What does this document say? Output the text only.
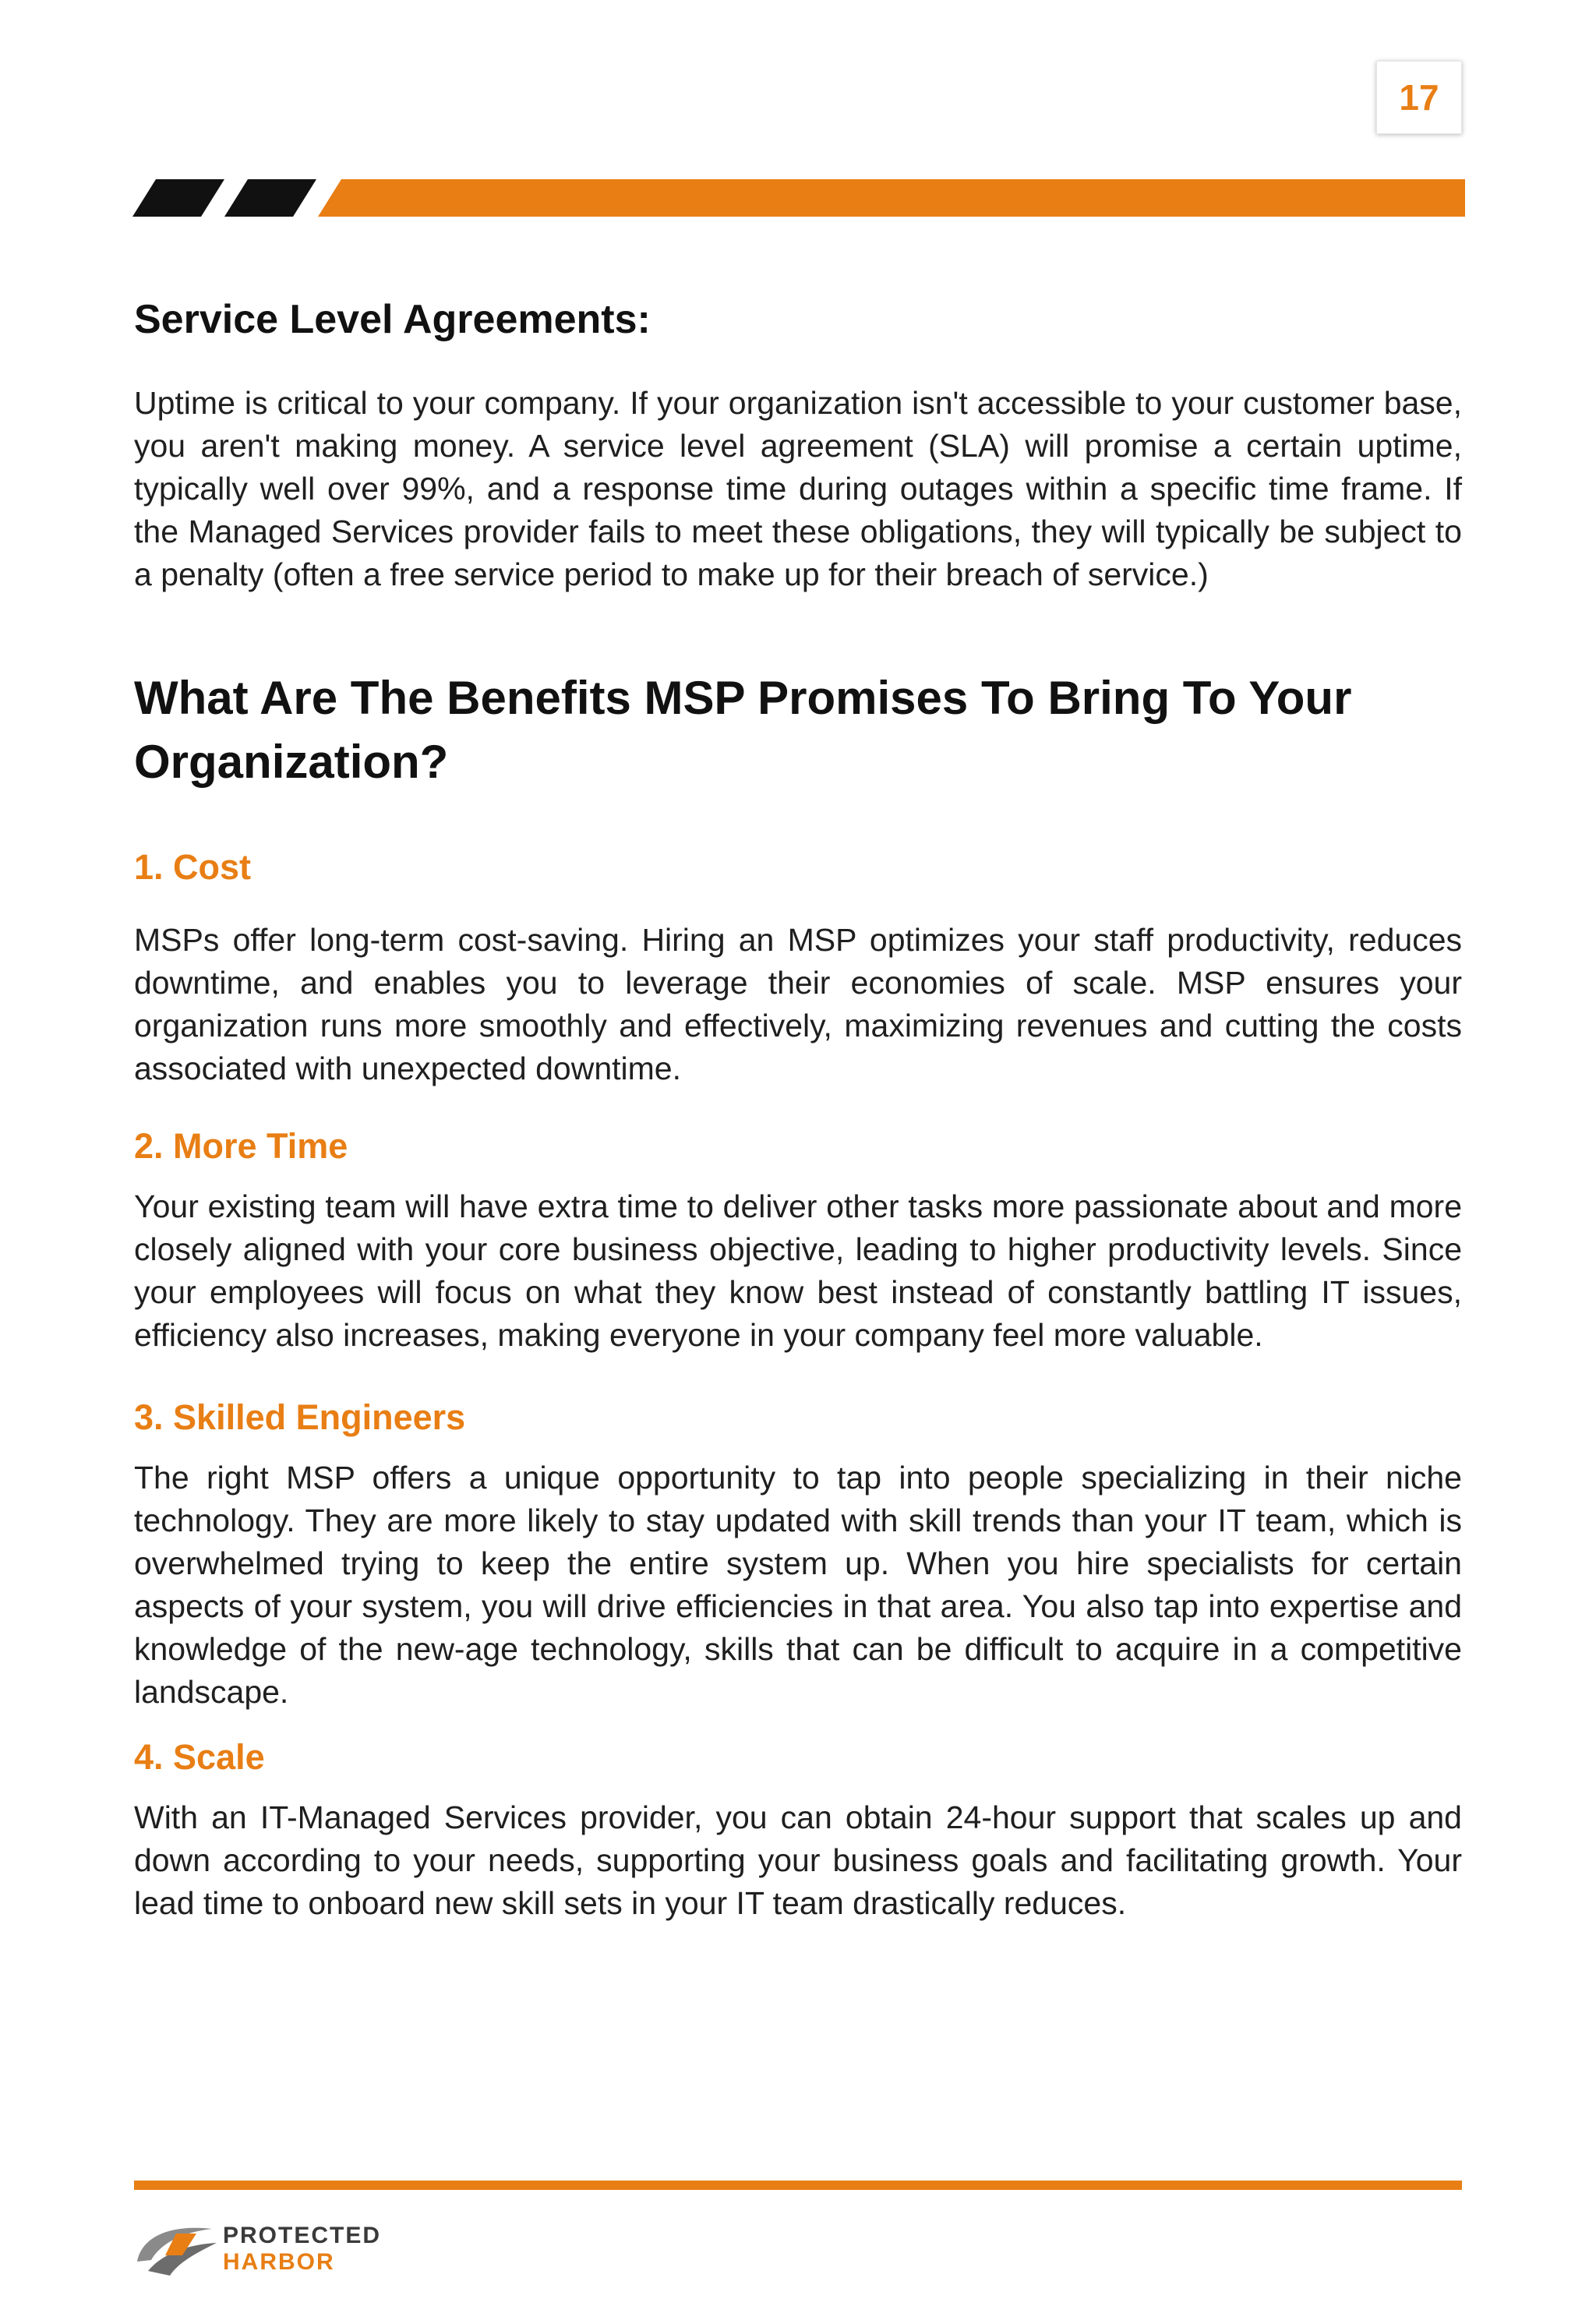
17
Service Level Agreements:

Uptime is critical to your company. If your organization isn't accessible to your customer base, you aren't making money. A service level agreement (SLA) will promise a certain uptime, typically well over 99%, and a response time during outages within a specific time frame. If the Managed Services provider fails to meet these obligations, they will typically be subject to a penalty (often a free service period to make up for their breach of service.)

What Are The Benefits MSP Promises To Bring To Your Organization?
1. Cost

MSPs offer long-term cost-saving. Hiring an MSP optimizes your staff productivity, reduces downtime, and enables you to leverage their economies of scale. MSP ensures your organization runs more smoothly and effectively, maximizing revenues and cutting the costs associated with unexpected downtime.

2. More Time

Your existing team will have extra time to deliver other tasks more passionate about and more closely aligned with your core business objective, leading to higher productivity levels. Since your employees will focus on what they know best instead of constantly battling IT issues, efficiency also increases, making everyone in your company feel more valuable.

3. Skilled Engineers

The right MSP offers a unique opportunity to tap into people specializing in their niche technology. They are more likely to stay updated with skill trends than your IT team, which is overwhelmed trying to keep the entire system up. When you hire specialists for certain aspects of your system, you will drive efficiencies in that area. You also tap into expertise and knowledge of the new-age technology, skills that can be difficult to acquire in a competitive landscape.

4. Scale

With an IT-Managed Services provider, you can obtain 24-hour support that scales up and down according to your needs, supporting your business goals and facilitating growth. Your lead time to onboard new skill sets in your IT team drastically reduces.

PROTECTED
HARBOR
